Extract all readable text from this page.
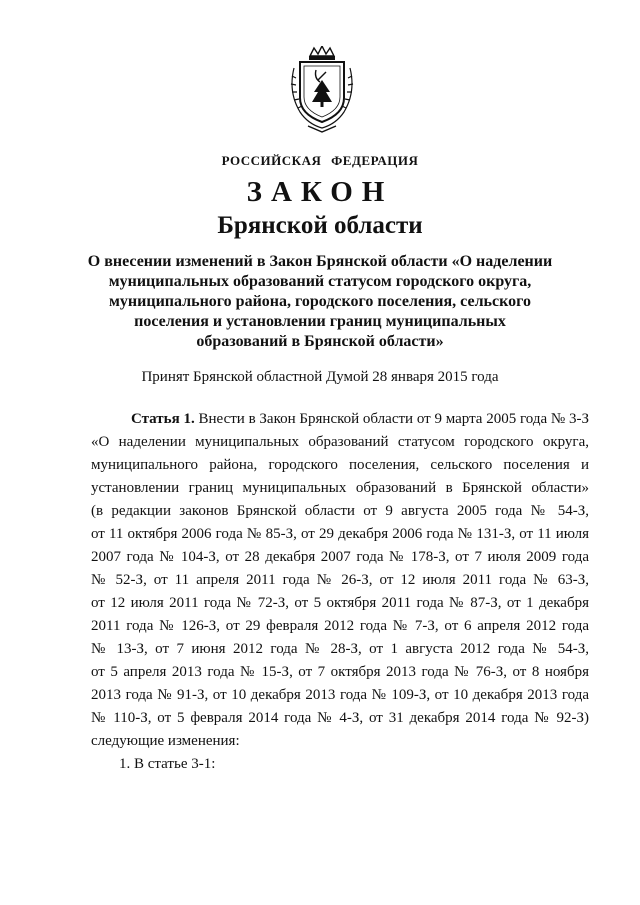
РОССИЙСКАЯ ФЕДЕРАЦИЯ
ЗАКОН
Брянской области
О внесении изменений в Закон Брянской области «О наделении
муниципальных образований статусом городского округа,
муниципального района, городского поселения, сельского
поселения и установлении границ муниципальных
образований в Брянской области»
Принят Брянской областной Думой 28 января 2015 года
Статья 1. Внести в Закон Брянской области от 9 марта 2005 года № 3-З
«О наделении муниципальных образований статусом городского округа,
муниципального района, городского поселения, сельского поселения и
установлении границ муниципальных образований в Брянской области»
(в редакции законов Брянской области от 9 августа 2005 года № 54-З,
от 11 октября 2006 года № 85-З, от 29 декабря 2006 года № 131-З, от 11 июля
2007 года № 104-З, от 28 декабря 2007 года № 178-З, от 7 июля 2009 года
№ 52-З, от 11 апреля 2011 года № 26-З, от 12 июля 2011 года № 63-З,
от 12 июля 2011 года № 72-З, от 5 октября 2011 года № 87-З, от 1 декабря
2011 года № 126-З, от 29 февраля 2012 года № 7-З, от 6 апреля 2012 года
№ 13-З, от 7 июня 2012 года № 28-З, от 1 августа 2012 года № 54-З,
от 5 апреля 2013 года № 15-З, от 7 октября 2013 года № 76-З, от 8 ноября
2013 года № 91-З, от 10 декабря 2013 года № 109-З, от 10 декабря 2013 года
№ 110-З, от 5 февраля 2014 года № 4-З, от 31 декабря 2014 года № 92-З)
следующие изменения:
1. В статье 3-1:
